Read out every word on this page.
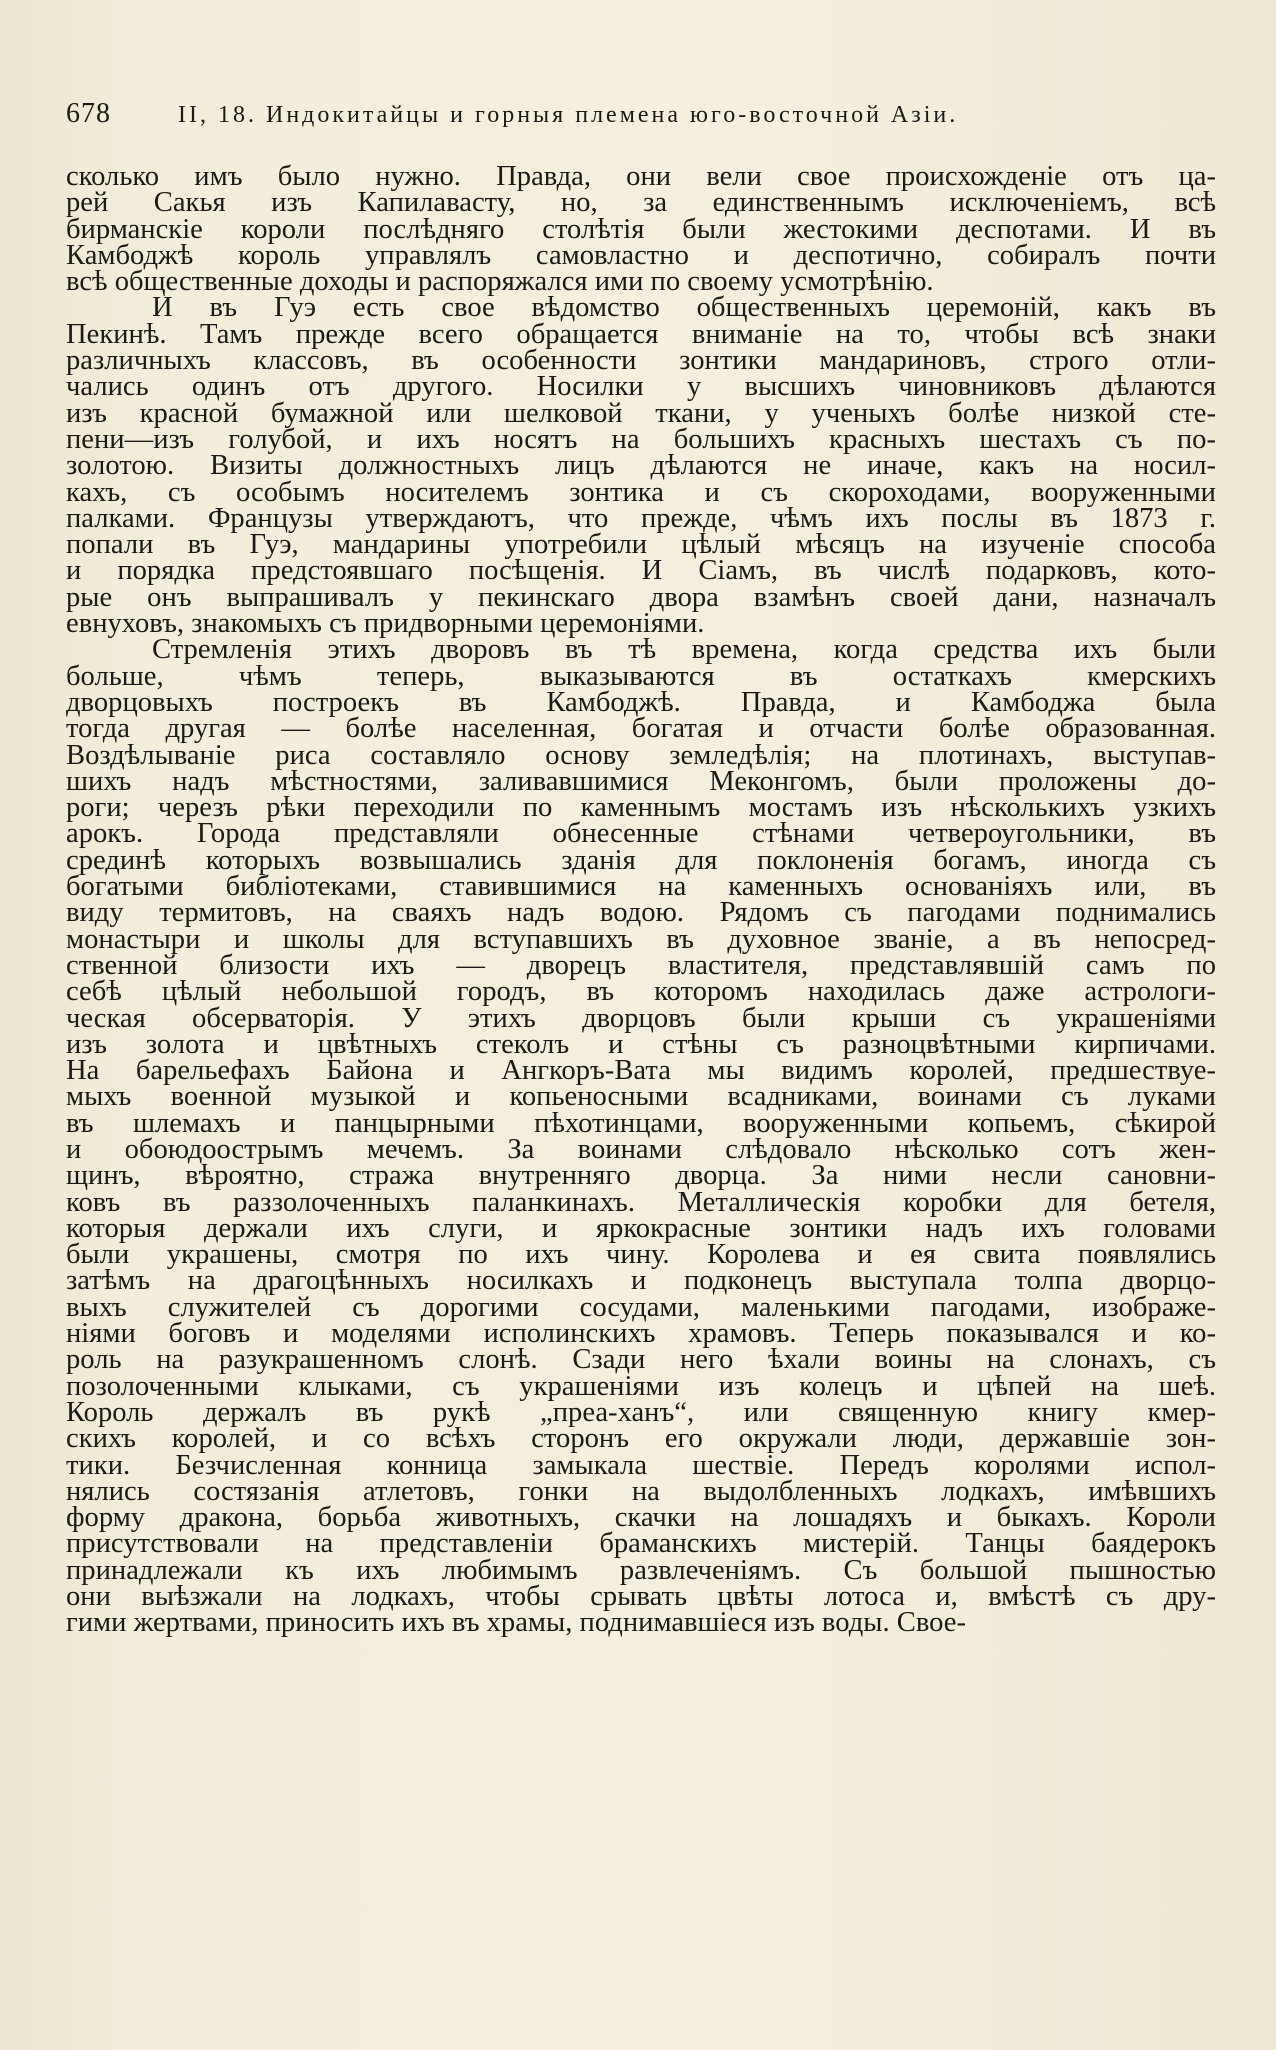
678	II, 18. Индокитайцы и горныя племена юго-восточной Азіи.
сколько имъ было нужно. Правда, они вели свое происхожденіе отъ ца-
рей Сакья изъ Капилавасту, но, за единственнымъ исключеніемъ, всѣ
бирманскіе короли послѣдняго столѣтія были жестокими деспотами. И въ
Камбоджѣ король управлялъ самовластно и деспотично, собиралъ почти
всѣ общественные доходы и распоряжался ими по своему усмотрѣнію.
И въ Гуэ есть свое вѣдомство общественныхъ церемоній, какъ въ
Пекинѣ. Тамъ прежде всего обращается вниманіе на то, чтобы всѣ знаки
различныхъ классовъ, въ особенности зонтики мандариновъ, строго отли-
чались одинъ отъ другого. Носилки у высшихъ чиновниковъ дѣлаются
изъ красной бумажной или шелковой ткани, у ученыхъ болѣе низкой сте-
пени—изъ голубой, и ихъ носятъ на большихъ красныхъ шестахъ съ по-
золотою. Визиты должностныхъ лицъ дѣлаются не иначе, какъ на носил-
кахъ, съ особымъ носителемъ зонтика и съ скороходами, вооруженными
палками. Французы утверждаютъ, что прежде, чѣмъ ихъ послы въ 1873 г.
попали въ Гуэ, мандарины употребили цѣлый мѣсяцъ на изученіе способа
и порядка предстоявшаго посѣщенія. И Сіамъ, въ числѣ подарковъ, кото-
рые онъ выпрашивалъ у пекинскаго двора взамѣнъ своей дани, назначалъ
евнуховъ, знакомыхъ съ придворными церемоніями.
Стремленія этихъ дворовъ въ тѣ времена, когда средства ихъ были
больше, чѣмъ теперь, выказываются въ остаткахъ кмерскихъ
дворцовыхъ построекъ въ Камбоджѣ. Правда, и Камбоджа была
тогда другая — болѣе населенная, богатая и отчасти болѣе образованная.
Воздѣлываніе риса составляло основу земледѣлія; на плотинахъ, выступав-
шихъ надъ мѣстностями, заливавшимися Меконгомъ, были проложены до-
роги; черезъ рѣки переходили по каменнымъ мостамъ изъ нѣсколькихъ узкихъ
арокъ. Города представляли обнесенные стѣнами четвероугольники, въ
срединѣ которыхъ возвышались зданія для поклоненія богамъ, иногда съ
богатыми библіотеками, ставившимися на каменныхъ основаніяхъ или, въ
виду термитовъ, на сваяхъ надъ водою. Рядомъ съ пагодами поднимались
монастыри и школы для вступавшихъ въ духовное званіе, а въ непосред-
ственной близости ихъ — дворецъ властителя, представлявшій самъ по
себѣ цѣлый небольшой городъ, въ которомъ находилась даже астрологи-
ческая обсерваторія. У этихъ дворцовъ были крыши съ украшеніями
изъ золота и цвѣтныхъ стеколъ и стѣны съ разноцвѣтными кирпичами.
На барельефахъ Байона и Ангкоръ-Вата мы видимъ королей, предшествуе-
мыхъ военной музыкой и копьеносными всадниками, воинами съ луками
въ шлемахъ и панцырными пѣхотинцами, вооруженными копьемъ, сѣкирой
и обоюдоострымъ мечемъ. За воинами слѣдовало нѣсколько сотъ жен-
щинъ, вѣроятно, стража внутренняго дворца. За ними несли сановни-
ковъ въ раззолоченныхъ паланкинахъ. Металлическія коробки для бетеля,
которыя держали ихъ слуги, и яркокрасные зонтики надъ ихъ головами
были украшены, смотря по ихъ чину. Королева и ея свита появлялись
затѣмъ на драгоцѣнныхъ носилкахъ и подконецъ выступала толпа дворцо-
выхъ служителей съ дорогими сосудами, маленькими пагодами, изображе-
ніями боговъ и моделями исполинскихъ храмовъ. Теперь показывался и ко-
роль на разукрашенномъ слонѣ. Сзади него ѣхали воины на слонахъ, съ
позолоченными клыками, съ украшеніями изъ колецъ и цѣпей на шеѣ.
Король держалъ въ рукѣ „преа-ханъ“, или священную книгу кмер-
скихъ королей, и со всѣхъ сторонъ его окружали люди, державшіе зон-
тики. Безчисленная конница замыкала шествіе. Передъ королями испол-
нялись состязанія атлетовъ, гонки на выдолбленныхъ лодкахъ, имѣвшихъ
форму дракона, борьба животныхъ, скачки на лошадяхъ и быкахъ. Короли
присутствовали на представленіи браманскихъ мистерій. Танцы баядерокъ
принадлежали къ ихъ любимымъ развлеченіямъ. Съ большой пышностью
они выѣзжали на лодкахъ, чтобы срывать цвѣты лотоса и, вмѣстѣ съ дру-
гими жертвами, приносить ихъ въ храмы, поднимавшіеся изъ воды. Свое-
